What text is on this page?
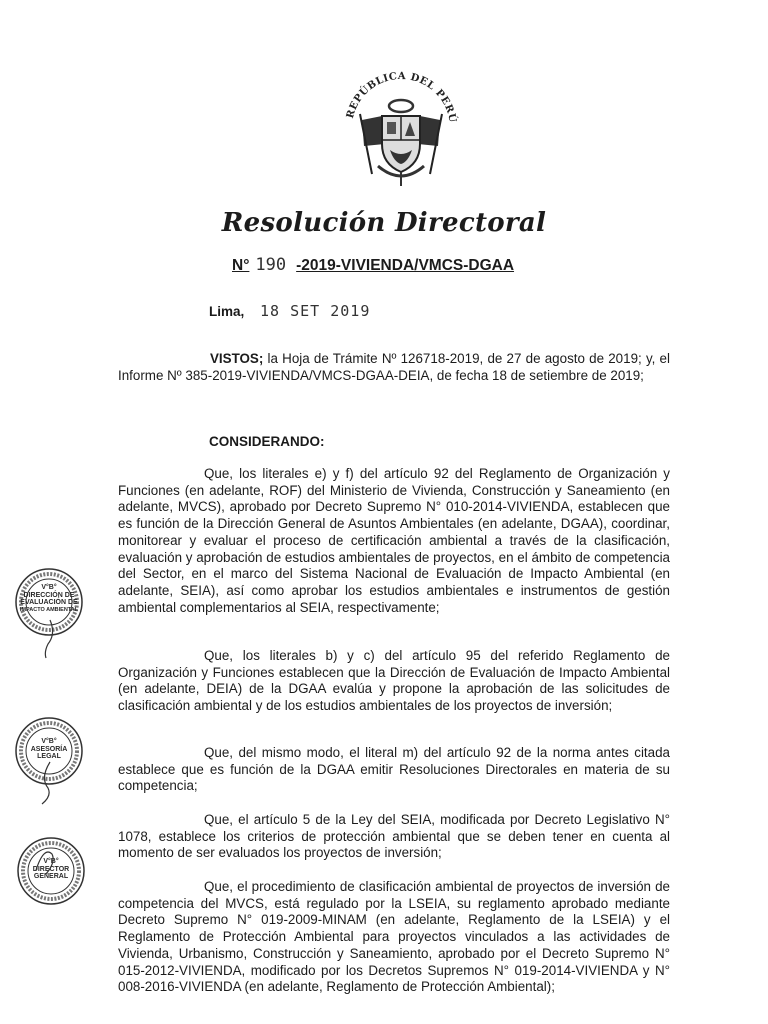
REPÚBLICA DEL PERÚ
Resolución Directoral
N° 190 -2019-VIVIENDA/VMCS-DGAA
Lima, 18 SET 2019
VISTOS; la Hoja de Trámite Nº 126718-2019, de 27 de agosto de 2019; y, el Informe Nº 385-2019-VIVIENDA/VMCS-DGAA-DEIA, de fecha 18 de setiembre de 2019;
CONSIDERANDO:
Que, los literales e) y f) del artículo 92 del Reglamento de Organización y Funciones (en adelante, ROF) del Ministerio de Vivienda, Construcción y Saneamiento (en adelante, MVCS), aprobado por Decreto Supremo N° 010-2014-VIVIENDA, establecen que es función de la Dirección General de Asuntos Ambientales (en adelante, DGAA), coordinar, monitorear y evaluar el proceso de certificación ambiental a través de la clasificación, evaluación y aprobación de estudios ambientales de proyectos, en el ámbito de competencia del Sector, en el marco del Sistema Nacional de Evaluación de Impacto Ambiental (en adelante, SEIA), así como aprobar los estudios ambientales e instrumentos de gestión ambiental complementarios al SEIA, respectivamente;
Que, los literales b) y c) del artículo 95 del referido Reglamento de Organización y Funciones establecen que la Dirección de Evaluación de Impacto Ambiental (en adelante, DEIA) de la DGAA evalúa y propone la aprobación de las solicitudes de clasificación ambiental y de los estudios ambientales de los proyectos de inversión;
Que, del mismo modo, el literal m) del artículo 92 de la norma antes citada establece que es función de la DGAA emitir Resoluciones Directorales en materia de su competencia;
Que, el artículo 5 de la Ley del SEIA, modificada por Decreto Legislativo N° 1078, establece los criterios de protección ambiental que se deben tener en cuenta al momento de ser evaluados los proyectos de inversión;
Que, el procedimiento de clasificación ambiental de proyectos de inversión de competencia del MVCS, está regulado por la LSEIA, su reglamento aprobado mediante Decreto Supremo N° 019-2009-MINAM (en adelante, Reglamento de la LSEIA) y el Reglamento de Protección Ambiental para proyectos vinculados a las actividades de Vivienda, Urbanismo, Construcción y Saneamiento, aprobado por el Decreto Supremo N° 015-2012-VIVIENDA, modificado por los Decretos Supremos N° 019-2014-VIVIENDA y N° 008-2016-VIVIENDA (en adelante, Reglamento de Protección Ambiental);
V°B°
DIRECCIÓN DE
EVALUACIÓN DE
IMPACTO AMBIENTAL
V°B°
ASESORÍA
LEGAL
V°B°
DIRECTOR
GENERAL
